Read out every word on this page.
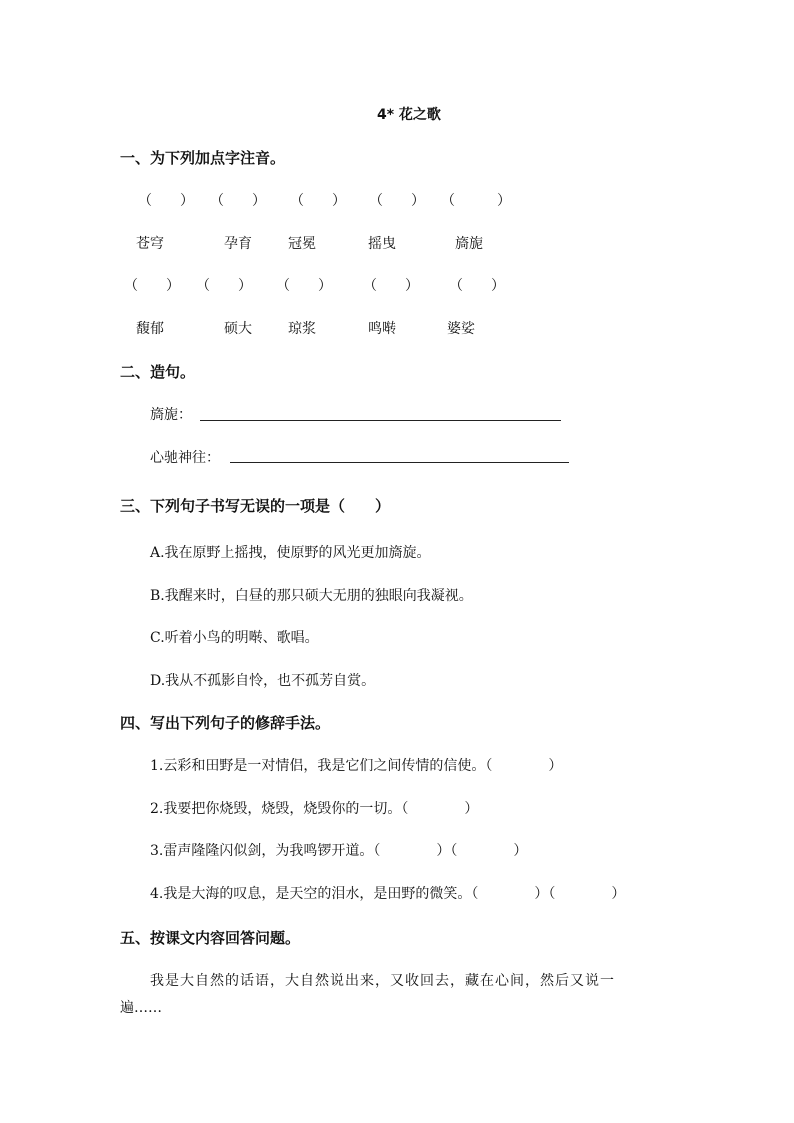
4* 花之歌
一、为下列加点字注音。
（　　） （　　） （　　） （　　） （　　　）
苍穹	孕育	冠冕	摇曳	旖旎
（　　） （　　） （　　） （　　） （　　）
馥郁	硕大	琼浆	鸣啭	婆娑
二、造句。
旖旎：
心驰神往：
三、下列句子书写无误的一项是（　　）
A.我在原野上摇拽，使原野的风光更加旖旋。
B.我醒来时，白昼的那只硕大无朋的独眼向我凝视。
C.听着小鸟的明啭、歌唱。
D.我从不孤影自怜，也不孤芳自赏。
四、写出下列句子的修辞手法。
1.云彩和田野是一对情侣，我是它们之间传情的信使。（　　　　）
2.我要把你烧毁，烧毁，烧毁你的一切。（　　　　）
3.雷声隆隆闪似剑，为我鸣锣开道。（　　　　）（　　　　）
4.我是大海的叹息，是天空的泪水，是田野的微笑。（　　　　）（　　　　）
五、按课文内容回答问题。
我是大自然的话语，大自然说出来，又收回去，藏在心间，然后又说一
遍……
